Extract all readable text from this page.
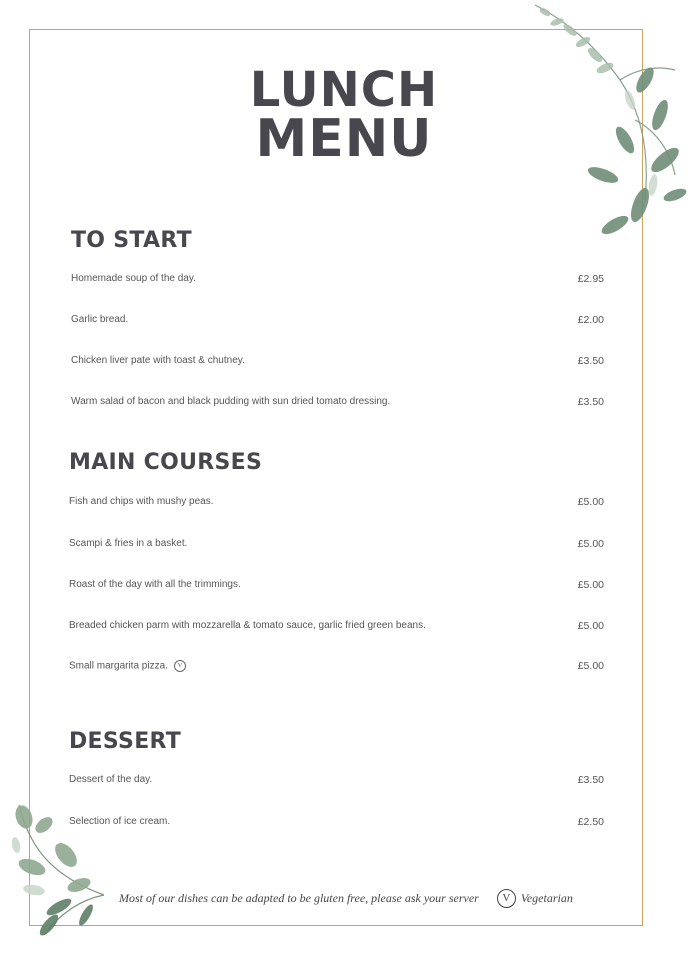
LUNCH
MENU
TO START
Homemade soup of the day.	£2.95
Garlic bread.	£2.00
Chicken liver pate with toast & chutney.	£3.50
Warm salad of bacon and black pudding with sun dried tomato dressing.	£3.50
MAIN COURSES
Fish and chips with mushy peas.	£5.00
Scampi & fries in a basket.	£5.00
Roast of the day with all the trimmings.	£5.00
Breaded chicken parm with mozzarella & tomato sauce, garlic fried green beans.	£5.00
Small margarita pizza. V	£5.00
DESSERT
Dessert of the day.	£3.50
Selection of ice cream.	£2.50
Most of our dishes can be adapted to be gluten free, please ask your server	V Vegetarian
